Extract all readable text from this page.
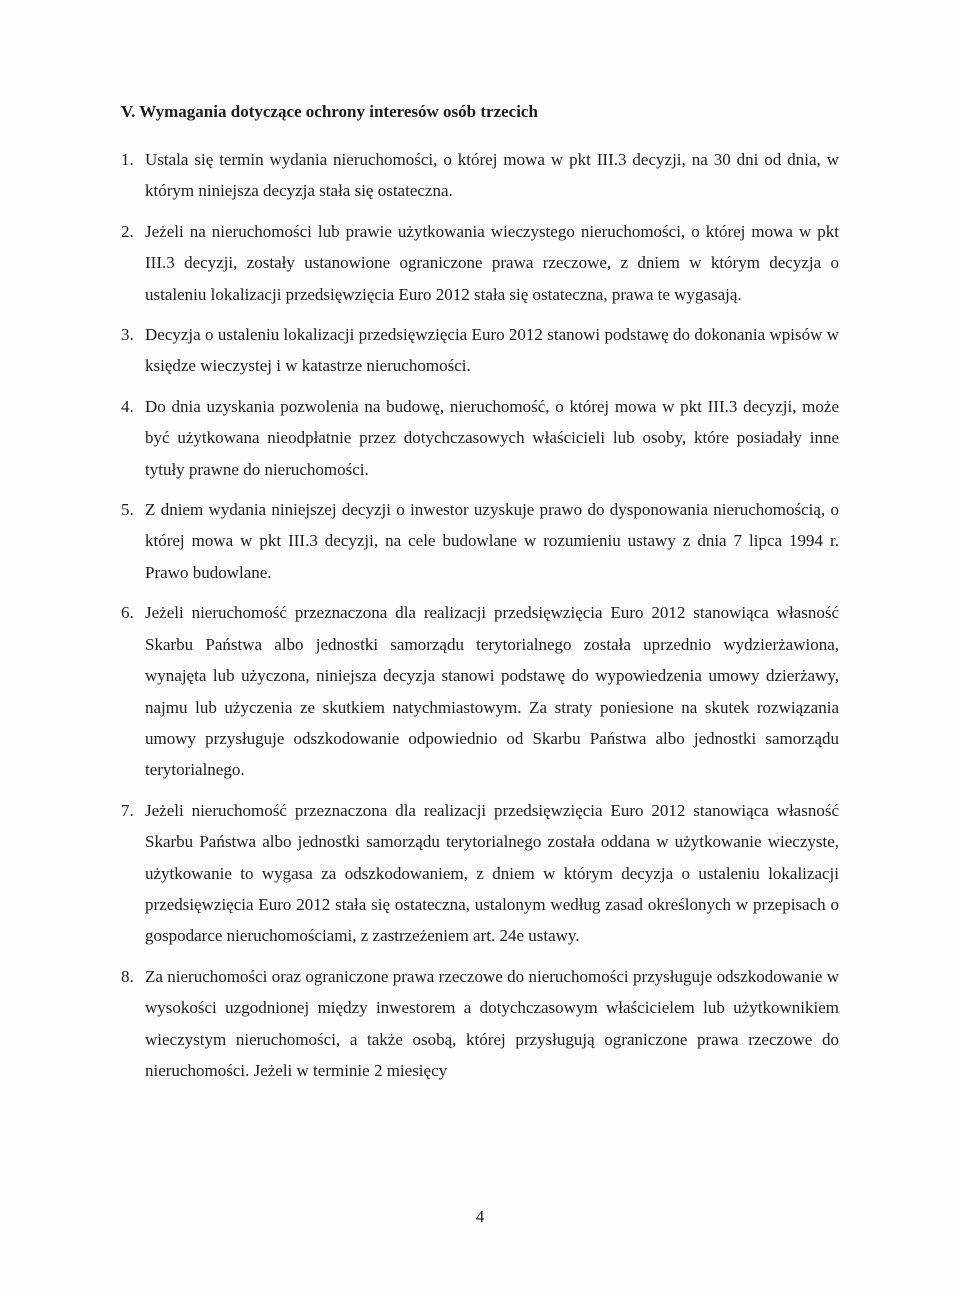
V. Wymagania dotyczące ochrony interesów osób trzecich
1. Ustala się termin wydania nieruchomości, o której mowa w pkt III.3 decyzji, na 30 dni od dnia, w którym niniejsza decyzja stała się ostateczna.
2. Jeżeli na nieruchomości lub prawie użytkowania wieczystego nieruchomości, o której mowa w pkt III.3 decyzji, zostały ustanowione ograniczone prawa rzeczowe, z dniem w którym decyzja o ustaleniu lokalizacji przedsięwzięcia Euro 2012 stała się ostateczna, prawa te wygasają.
3. Decyzja o ustaleniu lokalizacji przedsięwzięcia Euro 2012 stanowi podstawę do dokonania wpisów w księdze wieczystej i w katastrze nieruchomości.
4. Do dnia uzyskania pozwolenia na budowę, nieruchomość, o której mowa w pkt III.3 decyzji, może być użytkowana nieodpłatnie przez dotychczasowych właścicieli lub osoby, które posiadały inne tytuły prawne do nieruchomości.
5. Z dniem wydania niniejszej decyzji o inwestor uzyskuje prawo do dysponowania nieruchomością, o której mowa w pkt III.3 decyzji, na cele budowlane w rozumieniu ustawy z dnia 7 lipca 1994 r. Prawo budowlane.
6. Jeżeli nieruchomość przeznaczona dla realizacji przedsięwzięcia Euro 2012 stanowiąca własność Skarbu Państwa albo jednostki samorządu terytorialnego została uprzednio wydzierżawiona, wynajęta lub użyczona, niniejsza decyzja stanowi podstawę do wypowiedzenia umowy dzierżawy, najmu lub użyczenia ze skutkiem natychmiastowym. Za straty poniesione na skutek rozwiązania umowy przysługuje odszkodowanie odpowiednio od Skarbu Państwa albo jednostki samorządu terytorialnego.
7. Jeżeli nieruchomość przeznaczona dla realizacji przedsięwzięcia Euro 2012 stanowiąca własność Skarbu Państwa albo jednostki samorządu terytorialnego została oddana w użytkowanie wieczyste, użytkowanie to wygasa za odszkodowaniem, z dniem w którym decyzja o ustaleniu lokalizacji przedsięwzięcia Euro 2012 stała się ostateczna, ustalonym według zasad określonych w przepisach o gospodarce nieruchomościami, z zastrzeżeniem art. 24e ustawy.
8. Za nieruchomości oraz ograniczone prawa rzeczowe do nieruchomości przysługuje odszkodowanie w wysokości uzgodnionej między inwestorem a dotychczasowym właścicielem lub użytkownikiem wieczystym nieruchomości, a także osobą, której przysługują ograniczone prawa rzeczowe do nieruchomości. Jeżeli w terminie 2 miesięcy
4
